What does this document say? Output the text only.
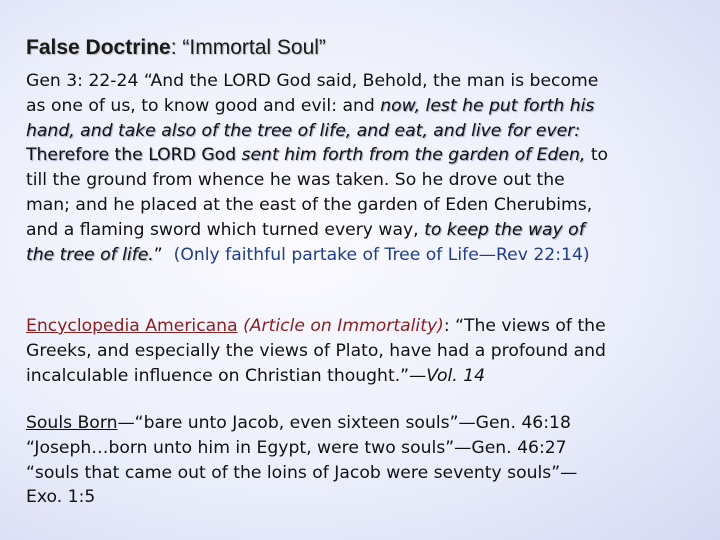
False Doctrine: “Immortal Soul”
Gen 3: 22-24 “And the LORD God said, Behold, the man is become
as one of us, to know good and evil: and now, lest he put forth his
hand, and take also of the tree of life, and eat, and live for ever:
Therefore the LORD God sent him forth from the garden of Eden, to
till the ground from whence he was taken. So he drove out the
man; and he placed at the east of the garden of Eden Cherubims,
and a flaming sword which turned every way, to keep the way of
the tree of life.” (Only faithful partake of Tree of Life—Rev 22:14)
Encyclopedia Americana (Article on Immortality): “The views of the
Greeks, and especially the views of Plato, have had a profound and
incalculable influence on Christian thought.”—Vol. 14
Souls Born—“bare unto Jacob, even sixteen souls”—Gen. 46:18
“Joseph…born unto him in Egypt, were two souls”—Gen. 46:27
“souls that came out of the loins of Jacob were seventy souls”—
Exo. 1:5
